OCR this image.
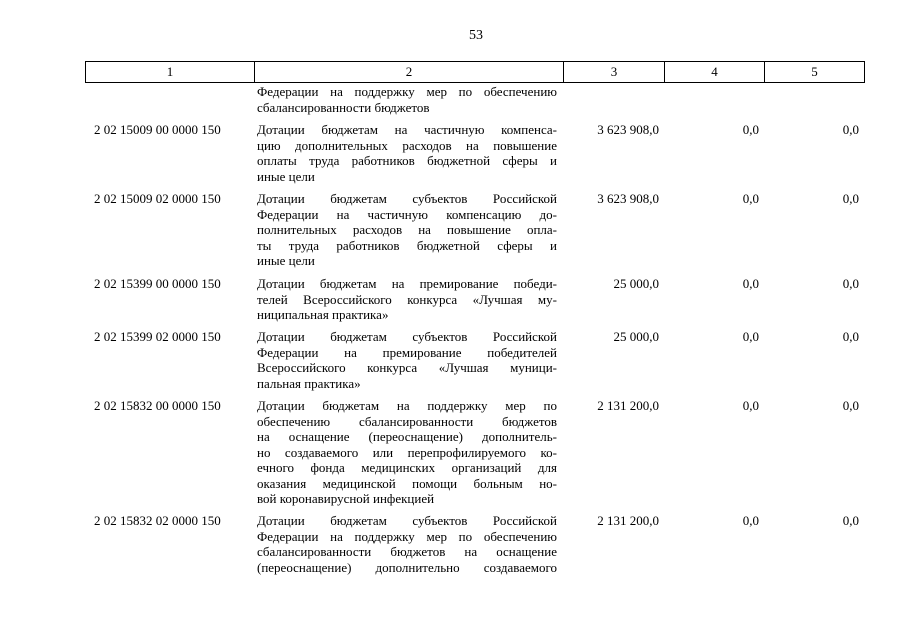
53
1	2	3	4	5
Федерации на поддержку мер по обеспечению
сбалансированности бюджетов
2 02 15009 00 0000 150	Дотации бюджетам на частичную компенса-
цию дополнительных расходов на повышение
оплаты труда работников бюджетной сферы и
иные цели
3 623 908,0	0,0	0,0
2 02 15009 02 0000 150	Дотации бюджетам субъектов Российской
Федерации на частичную компенсацию до-
полнительных расходов на повышение опла-
ты труда работников бюджетной сферы и
иные цели
3 623 908,0	0,0	0,0
2 02 15399 00 0000 150	Дотации бюджетам на премирование победи-
телей Всероссийского конкурса «Лучшая му-
ниципальная практика»
25 000,0	0,0	0,0
2 02 15399 02 0000 150	Дотации бюджетам субъектов Российской
Федерации на премирование победителей
Всероссийского конкурса «Лучшая муници-
пальная практика»
25 000,0	0,0	0,0
2 02 15832 00 0000 150	Дотации бюджетам на поддержку мер по
обеспечению сбалансированности бюджетов
на оснащение (переоснащение) дополнитель-
но создаваемого или перепрофилируемого ко-
ечного фонда медицинских организаций для
оказания медицинской помощи больным но-
вой коронавирусной инфекцией
2 131 200,0	0,0	0,0
2 02 15832 02 0000 150	Дотации бюджетам субъектов Российской
Федерации на поддержку мер по обеспечению
сбалансированности бюджетов на оснащение
(переоснащение) дополнительно создаваемого
2 131 200,0	0,0	0,0
